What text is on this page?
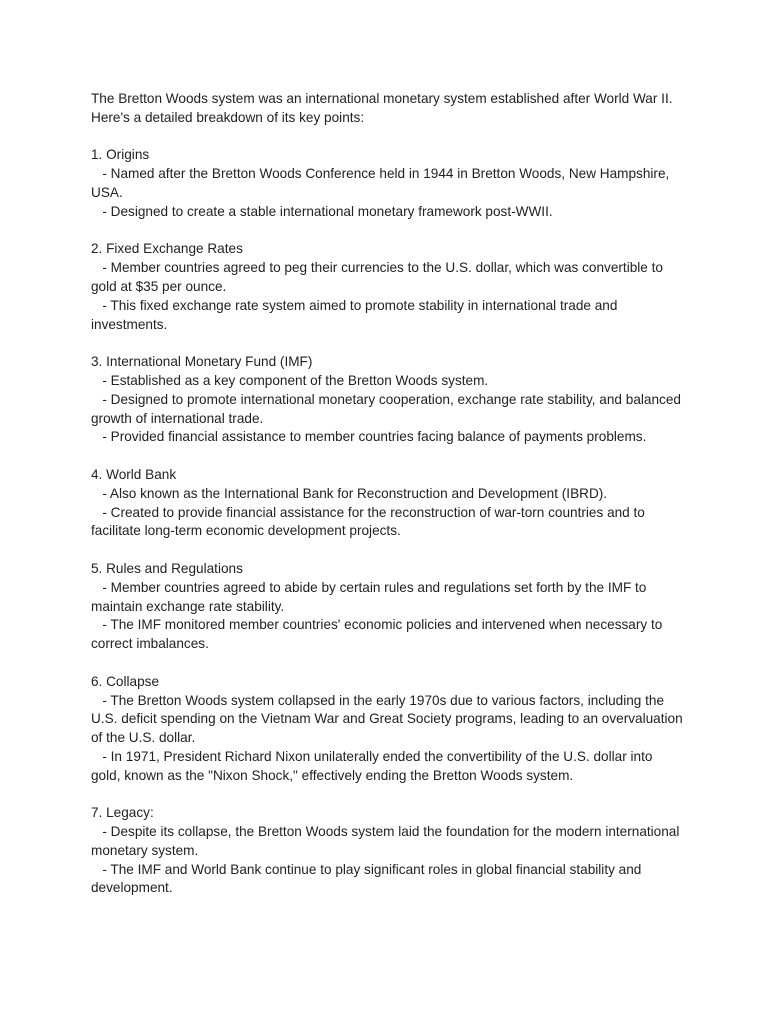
The Bretton Woods system was an international monetary system established after World War II. Here's a detailed breakdown of its key points:

1. Origins

- Named after the Bretton Woods Conference held in 1944 in Bretton Woods, New Hampshire, USA.

- Designed to create a stable international monetary framework post-WWII.

2. Fixed Exchange Rates

- Member countries agreed to peg their currencies to the U.S. dollar, which was convertible to gold at $35 per ounce.

- This fixed exchange rate system aimed to promote stability in international trade and investments.

3. International Monetary Fund (IMF)

- Established as a key component of the Bretton Woods system.

- Designed to promote international monetary cooperation, exchange rate stability, and balanced growth of international trade.

- Provided financial assistance to member countries facing balance of payments problems.

4. World Bank

- Also known as the International Bank for Reconstruction and Development (IBRD).

- Created to provide financial assistance for the reconstruction of war-torn countries and to facilitate long-term economic development projects.

5. Rules and Regulations

- Member countries agreed to abide by certain rules and regulations set forth by the IMF to maintain exchange rate stability.

- The IMF monitored member countries' economic policies and intervened when necessary to correct imbalances.

6. Collapse

- The Bretton Woods system collapsed in the early 1970s due to various factors, including the U.S. deficit spending on the Vietnam War and Great Society programs, leading to an overvaluation of the U.S. dollar.

- In 1971, President Richard Nixon unilaterally ended the convertibility of the U.S. dollar into gold, known as the "Nixon Shock," effectively ending the Bretton Woods system.

7. Legacy:

- Despite its collapse, the Bretton Woods system laid the foundation for the modern international monetary system.

- The IMF and World Bank continue to play significant roles in global financial stability and development.
